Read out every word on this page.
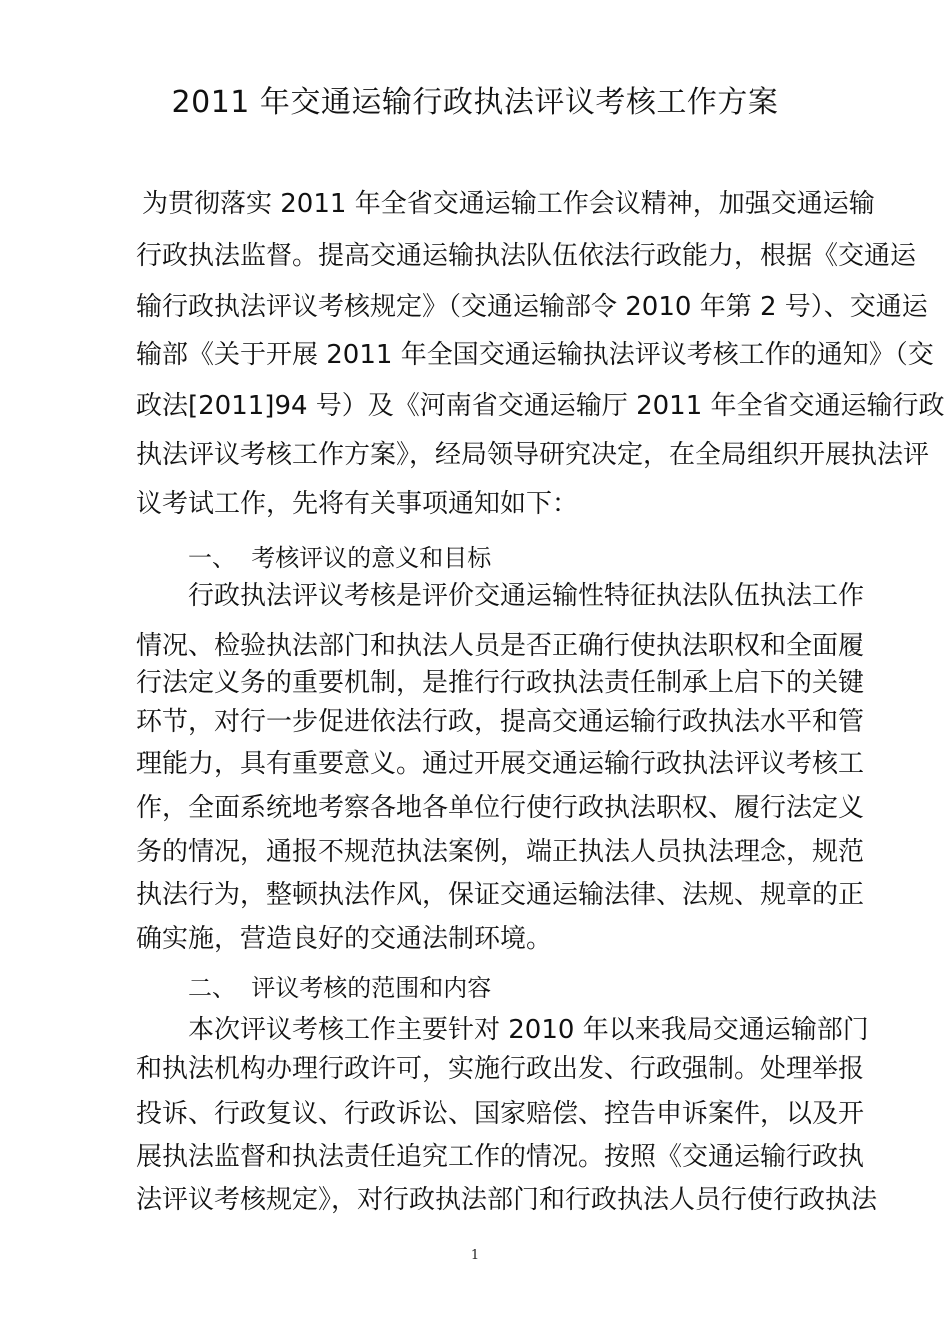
2011 年交通运输行政执法评议考核工作方案

为贯彻落实 2011 年全省交通运输工作会议精神，加强交通运输

行政执法监督。提高交通运输执法队伍依法行政能力，根据《交通运

输行政执法评议考核规定》（交通运输部令 2010 年第 2 号）、交通运

输部《关于开展 2011 年全国交通运输执法评议考核工作的通知》（交

政法[2011]94 号）及《河南省交通运输厅 2011 年全省交通运输行政

执法评议考核工作方案》，经局领导研究决定，在全局组织开展执法评

议考试工作，先将有关事项通知如下：

一、  考核评议的意义和目标

行政执法评议考核是评价交通运输性特征执法队伍执法工作

情况、检验执法部门和执法人员是否正确行使执法职权和全面履

行法定义务的重要机制，是推行行政执法责任制承上启下的关键

环节，对行一步促进依法行政，提高交通运输行政执法水平和管

理能力，具有重要意义。通过开展交通运输行政执法评议考核工

作，全面系统地考察各地各单位行使行政执法职权、履行法定义

务的情况，通报不规范执法案例，端正执法人员执法理念，规范

执法行为，整顿执法作风，保证交通运输法律、法规、规章的正

确实施，营造良好的交通法制环境。

二、  评议考核的范围和内容

本次评议考核工作主要针对 2010 年以来我局交通运输部门

和执法机构办理行政许可，实施行政出发、行政强制。处理举报

投诉、行政复议、行政诉讼、国家赔偿、控告申诉案件，以及开

展执法监督和执法责任追究工作的情况。按照《交通运输行政执

法评议考核规定》，对行政执法部门和行政执法人员行使行政执法

1
